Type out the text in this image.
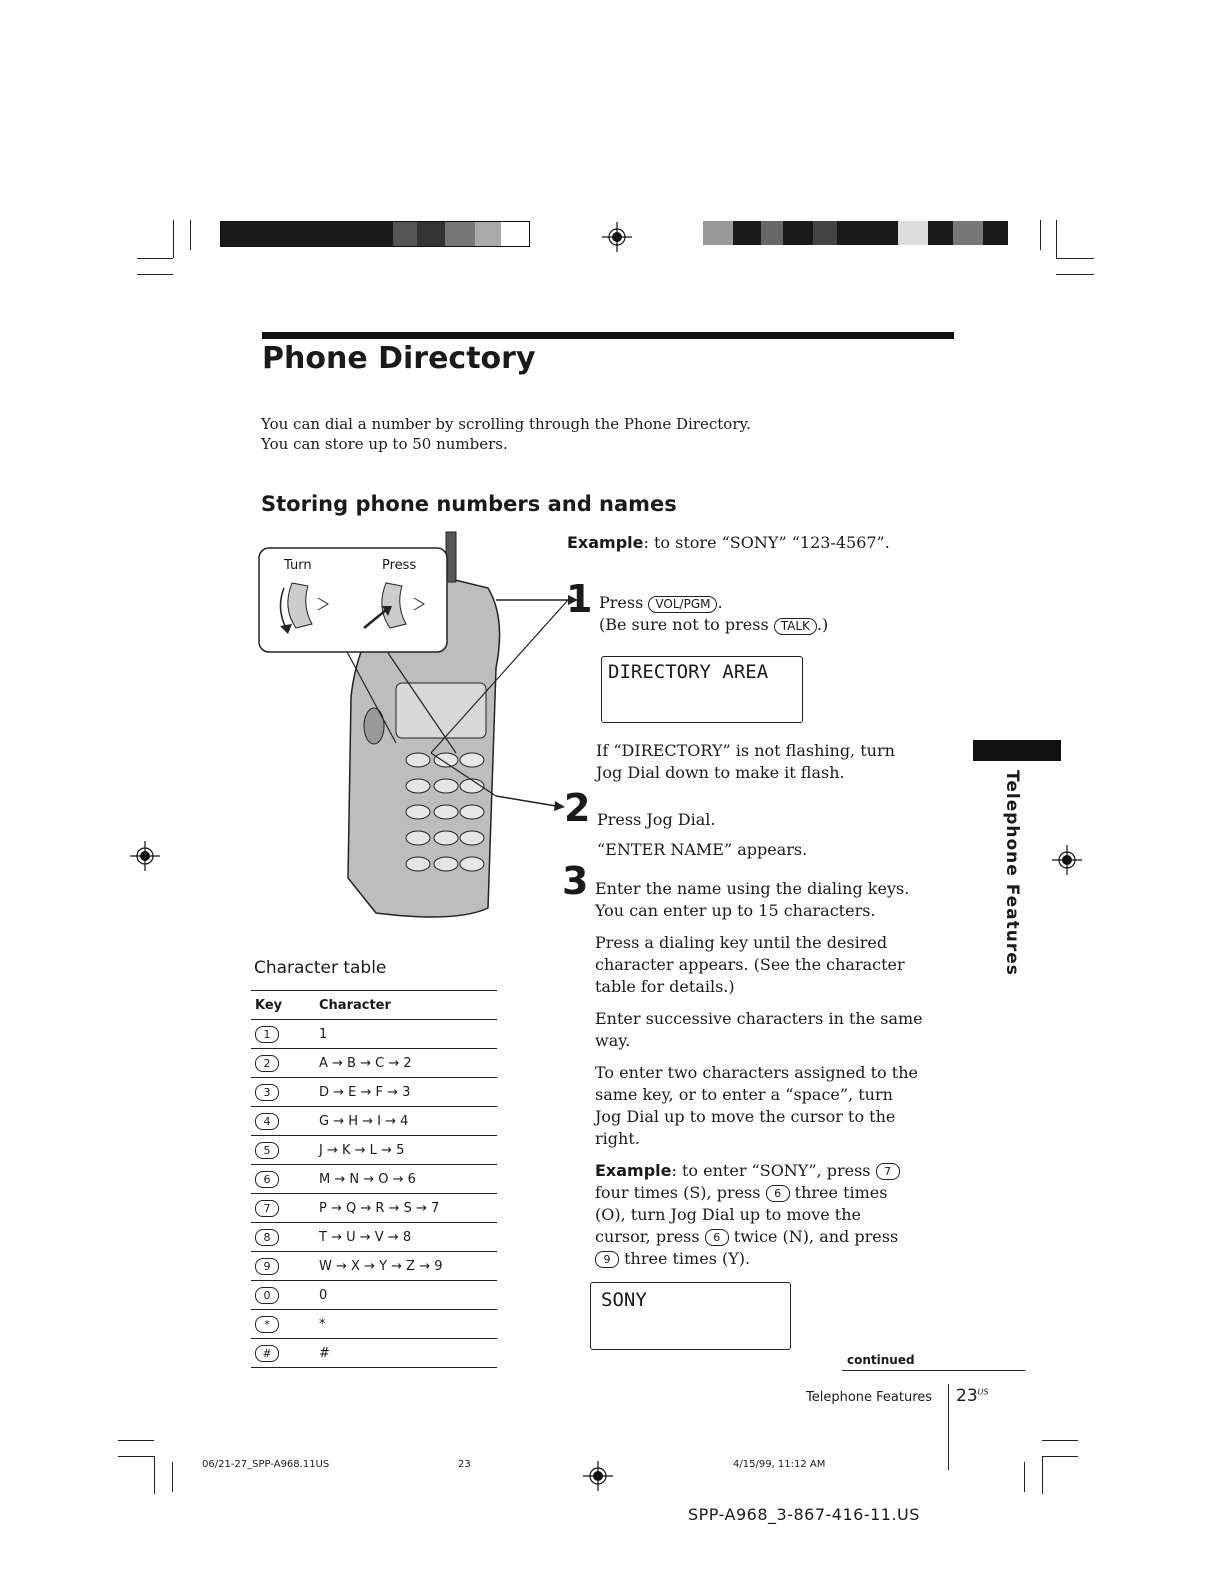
Phone Directory
You can dial a number by scrolling through the Phone Directory.
You can store up to 50 numbers.
Storing phone numbers and names
Turn	Press
Example: to store “SONY” “123-4567”.
1 Press VOL/PGM .
(Be sure not to press TALK .)
DIRECTORY AREA
If “DIRECTORY” is not flashing, turn
Jog Dial down to make it flash.
2 Press Jog Dial.
“ENTER NAME” appears.
3 Enter the name using the dialing keys.
You can enter up to 15 characters.
Press a dialing key until the desired
character appears. (See the character
table for details.)
Enter successive characters in the same
way.
To enter two characters assigned to the
same key, or to enter a “space”, turn
Jog Dial up to move the cursor to the
right.
Example: to enter “SONY”, press 7
four times (S), press 6 three times
(O), turn Jog Dial up to move the
cursor, press 6 twice (N), and press
9 three times (Y).
SONY
Character table
Key	Character
1	1
2	A → B → C → 2
3	D → E → F → 3
4	G → H → I → 4
5	J → K → L → 5
6	M → N → O → 6
7	P → Q → R → S → 7
8	T → U → V → 8
9	W → X → Y → Z → 9
0	0
*	*
#	#
Telephone Features
continued
Telephone Features $23^{US}$
06/21-27_SPP-A968.11US	23	4/15/99, 11:12 AM
SPP-A968_3-867-416-11.US
